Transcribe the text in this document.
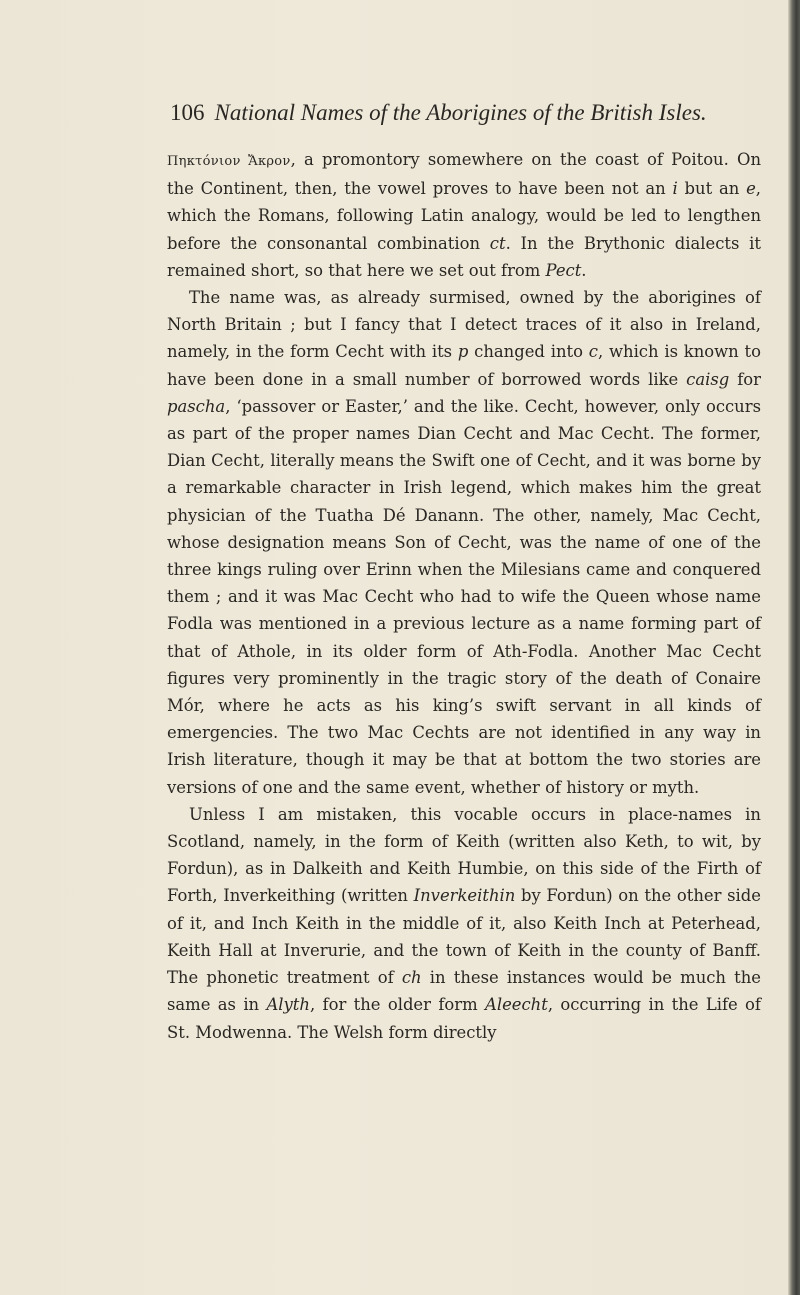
106 National Names of the Aborigines of the British Isles.

Πηκτόνιον Ἄκρον, a promontory somewhere on the coast of Poitou. On the Continent, then, the vowel proves to have been not an i but an e, which the Romans, following Latin analogy, would be led to lengthen before the consonantal combination ct. In the Brythonic dialects it remained short, so that here we set out from Pect.

The name was, as already surmised, owned by the aborigines of North Britain ; but I fancy that I detect traces of it also in Ireland, namely, in the form Cecht with its p changed into c, which is known to have been done in a small number of borrowed words like caisg for pascha, ‘passover or Easter,’ and the like. Cecht, however, only occurs as part of the proper names Dian Cecht and Mac Cecht. The former, Dian Cecht, literally means the Swift one of Cecht, and it was borne by a remarkable character in Irish legend, which makes him the great physician of the Tuatha Dé Danann. The other, namely, Mac Cecht, whose designation means Son of Cecht, was the name of one of the three kings ruling over Erinn when the Milesians came and conquered them ; and it was Mac Cecht who had to wife the Queen whose name Fodla was mentioned in a previous lecture as a name forming part of that of Athole, in its older form of Ath-Fodla. Another Mac Cecht figures very prominently in the tragic story of the death of Conaire Mór, where he acts as his king’s swift servant in all kinds of emergencies. The two Mac Cechts are not identified in any way in Irish literature, though it may be that at bottom the two stories are versions of one and the same event, whether of history or myth.

Unless I am mistaken, this vocable occurs in place-names in Scotland, namely, in the form of Keith (written also Keth, to wit, by Fordun), as in Dalkeith and Keith Humbie, on this side of the Firth of Forth, Inverkeithing (written Inverkeithin by Fordun) on the other side of it, and Inch Keith in the middle of it, also Keith Inch at Peterhead, Keith Hall at Inverurie, and the town of Keith in the county of Banff. The phonetic treatment of ch in these instances would be much the same as in Alyth, for the older form Aleecht, occurring in the Life of St. Modwenna. The Welsh form directly
